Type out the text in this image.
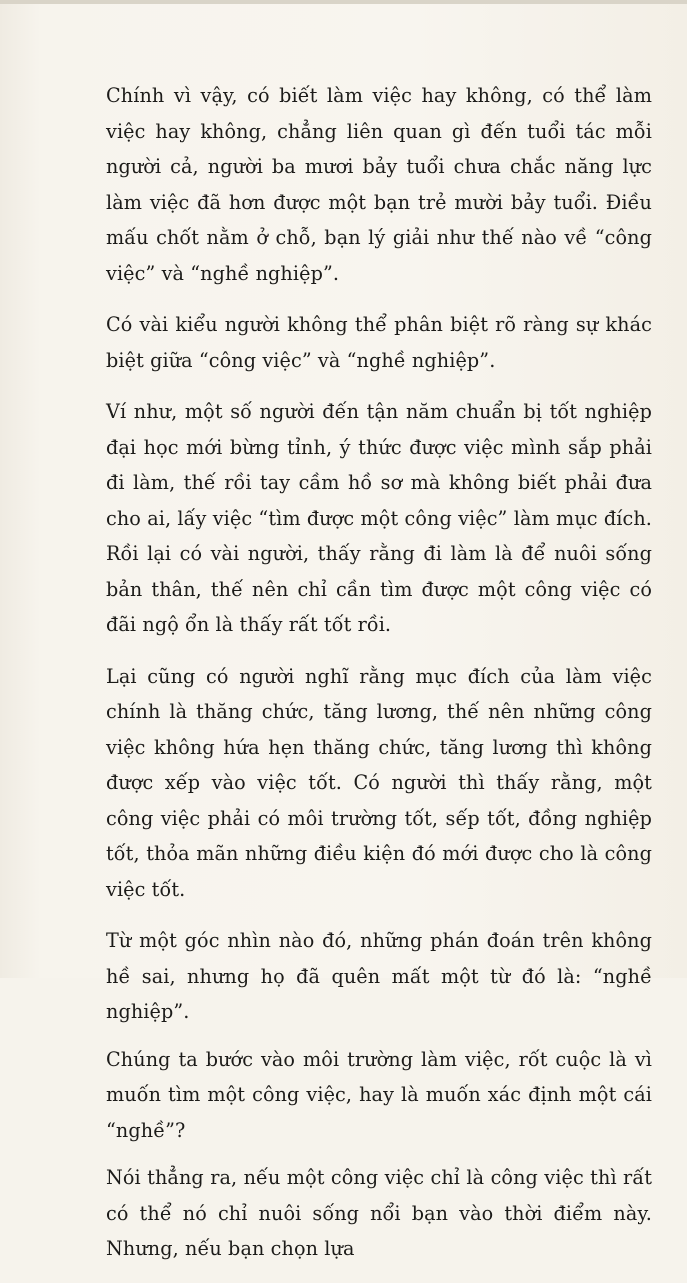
Chính vì vậy, có biết làm việc hay không, có thể làm việc hay không, chẳng liên quan gì đến tuổi tác mỗi người cả, người ba mươi bảy tuổi chưa chắc năng lực làm việc đã hơn được một bạn trẻ mười bảy tuổi. Điều mấu chốt nằm ở chỗ, bạn lý giải như thế nào về “công việc” và “nghề nghiệp”.

Có vài kiểu người không thể phân biệt rõ ràng sự khác biệt giữa “công việc” và “nghề nghiệp”.

Ví như, một số người đến tận năm chuẩn bị tốt nghiệp đại học mới bừng tỉnh, ý thức được việc mình sắp phải đi làm, thế rồi tay cầm hồ sơ mà không biết phải đưa cho ai, lấy việc “tìm được một công việc” làm mục đích. Rồi lại có vài người, thấy rằng đi làm là để nuôi sống bản thân, thế nên chỉ cần tìm được một công việc có đãi ngộ ổn là thấy rất tốt rồi.

Lại cũng có người nghĩ rằng mục đích của làm việc chính là thăng chức, tăng lương, thế nên những công việc không hứa hẹn thăng chức, tăng lương thì không được xếp vào việc tốt. Có người thì thấy rằng, một công việc phải có môi trường tốt, sếp tốt, đồng nghiệp tốt, thỏa mãn những điều kiện đó mới được cho là công việc tốt.

Từ một góc nhìn nào đó, những phán đoán trên không hề sai, nhưng họ đã quên mất một từ đó là: “nghề nghiệp”.

Chúng ta bước vào môi trường làm việc, rốt cuộc là vì muốn tìm một công việc, hay là muốn xác định một cái “nghề”?

Nói thẳng ra, nếu một công việc chỉ là công việc thì rất có thể nó chỉ nuôi sống nổi bạn vào thời điểm này. Nhưng, nếu bạn chọn lựa
